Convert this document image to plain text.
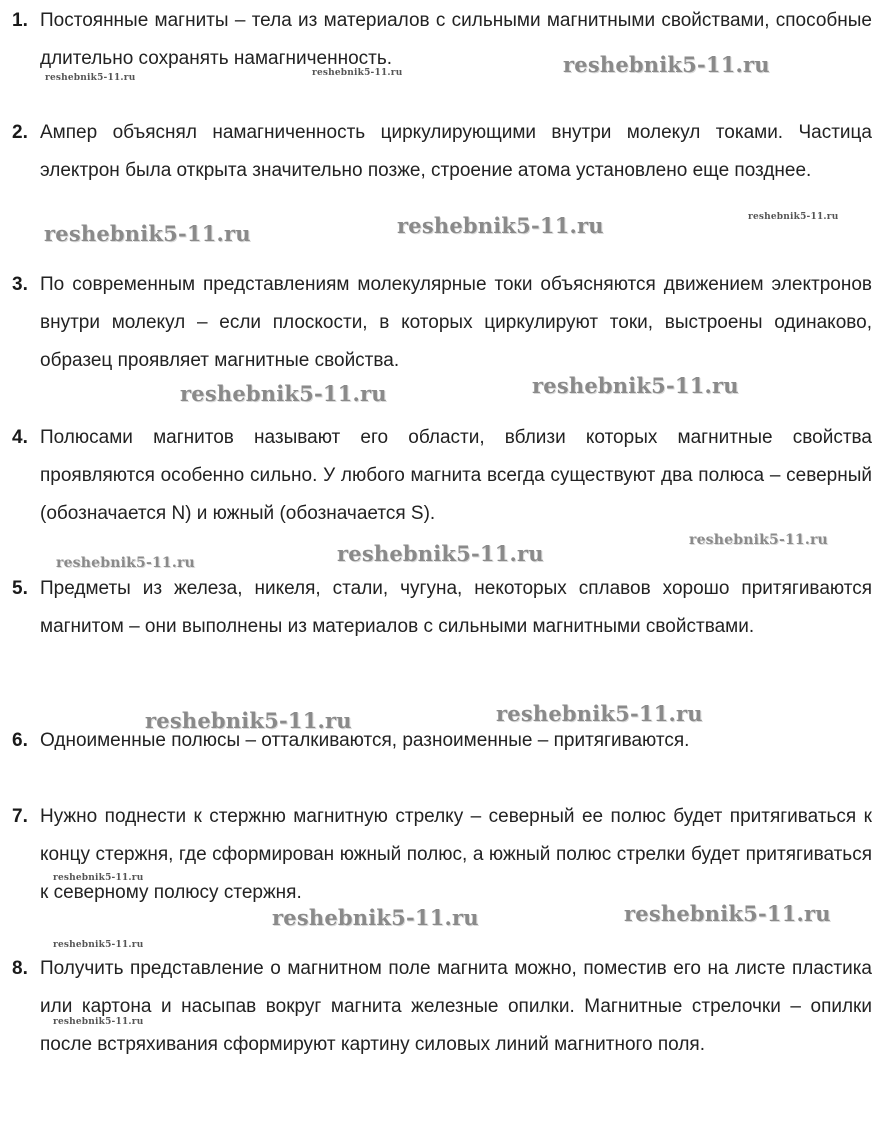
1. Постоянные магниты – тела из материалов с сильными магнитными свойствами, способные длительно сохранять намагниченность.
2. Ампер объяснял намагниченность циркулирующими внутри молекул токами. Частица электрон была открыта значительно позже, строение атома установлено еще позднее.
3. По современным представлениям молекулярные токи объясняются движением электронов внутри молекул – если плоскости, в которых циркулируют токи, выстроены одинаково, образец проявляет магнитные свойства.
4. Полюсами магнитов называют его области, вблизи которых магнитные свойства проявляются особенно сильно. У любого магнита всегда существуют два полюса – северный (обозначается N) и южный (обозначается S).
5. Предметы из железа, никеля, стали, чугуна, некоторых сплавов хорошо притягиваются магнитом – они выполнены из материалов с сильными магнитными свойствами.
6. Одноименные полюсы – отталкиваются, разноименные – притягиваются.
7. Нужно поднести к стержню магнитную стрелку – северный ее полюс будет притягиваться к концу стержня, где сформирован южный полюс, а южный полюс стрелки будет притягиваться к северному полюсу стержня.
8. Получить представление о магнитном поле магнита можно, поместив его на листе пластика или картона и насыпав вокруг магнита железные опилки. Магнитные стрелочки – опилки после встряхивания сформируют картину силовых линий магнитного поля.
reshebnik5-11.ru
reshebnik5-11.ru	reshebnik5-11.ru
reshebnik5-11.ru	reshebnik5-11.ru	reshebnik5-11.ru
reshebnik5-11.ru	reshebnik5-11.ru
reshebnik5-11.ru
reshebnik5-11.ru
reshebnik5-11.ru
reshebnik5-11.ru	reshebnik5-11.ru
reshebnik5-11.ru
reshebnik5-11.ru	reshebnik5-11.ru
reshebnik5-11.ru
reshebnik5-11.ru
